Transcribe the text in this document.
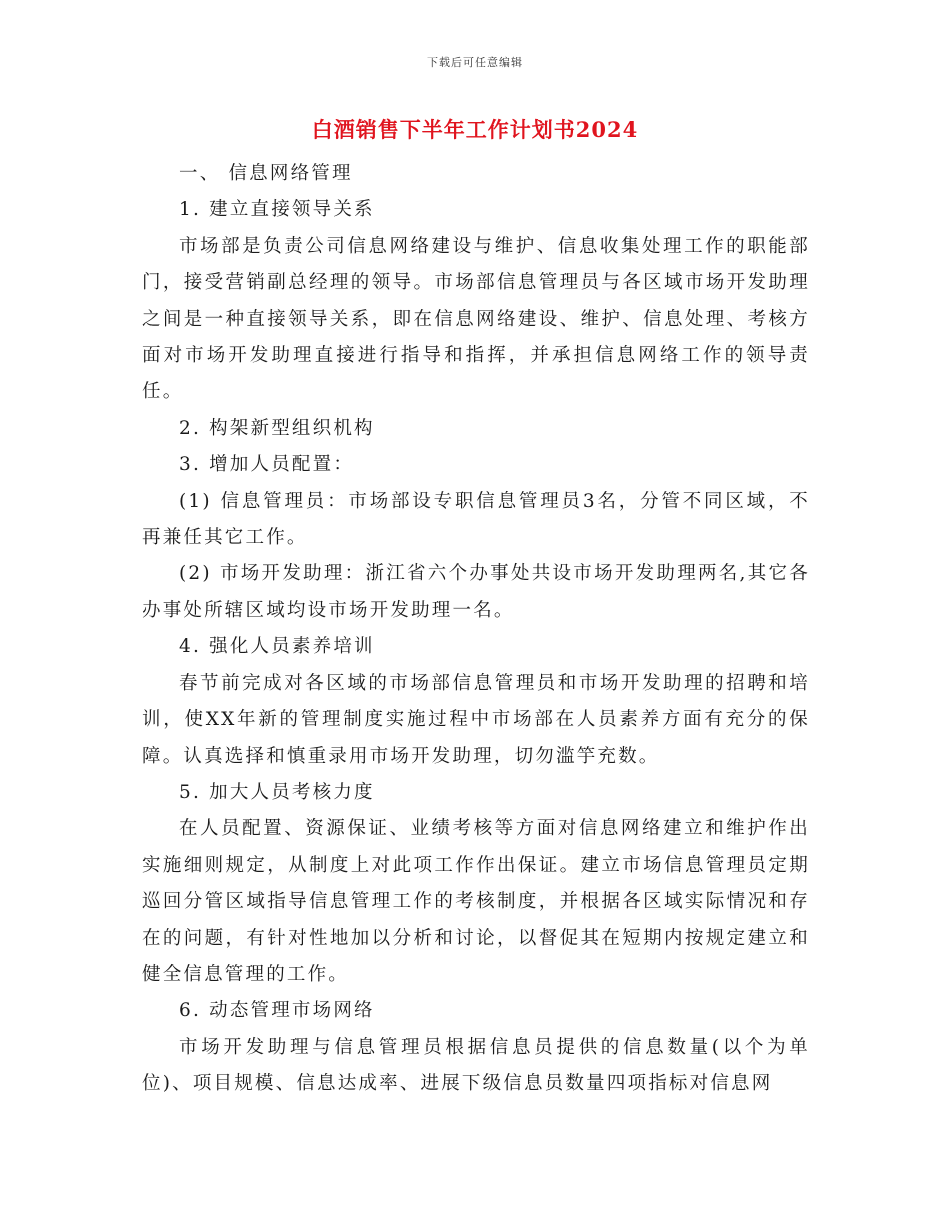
下载后可任意编辑
白酒销售下半年工作计划书2024

一、 信息网络管理

1. 建立直接领导关系

市场部是负责公司信息网络建设与维护、信息收集处理工作的职能部门，接受营销副总经理的领导。市场部信息管理员与各区域市场开发助理之间是一种直接领导关系，即在信息网络建设、维护、信息处理、考核方面对市场开发助理直接进行指导和指挥，并承担信息网络工作的领导责任。

2. 构架新型组织机构

3. 增加人员配置：

(1) 信息管理员：市场部设专职信息管理员3名，分管不同区域，不再兼任其它工作。

(2) 市场开发助理：浙江省六个办事处共设市场开发助理两名,其它各办事处所辖区域均设市场开发助理一名。

4. 强化人员素养培训

春节前完成对各区域的市场部信息管理员和市场开发助理的招聘和培训，使XX年新的管理制度实施过程中市场部在人员素养方面有充分的保障。认真选择和慎重录用市场开发助理，切勿滥竽充数。

5. 加大人员考核力度

在人员配置、资源保证、业绩考核等方面对信息网络建立和维护作出实施细则规定，从制度上对此项工作作出保证。建立市场信息管理员定期巡回分管区域指导信息管理工作的考核制度，并根据各区域实际情况和存在的问题，有针对性地加以分析和讨论，以督促其在短期内按规定建立和健全信息管理的工作。

6. 动态管理市场网络

市场开发助理与信息管理员根据信息员提供的信息数量(以个为单位)、项目规模、信息达成率、进展下级信息员数量四项指标对信息网
